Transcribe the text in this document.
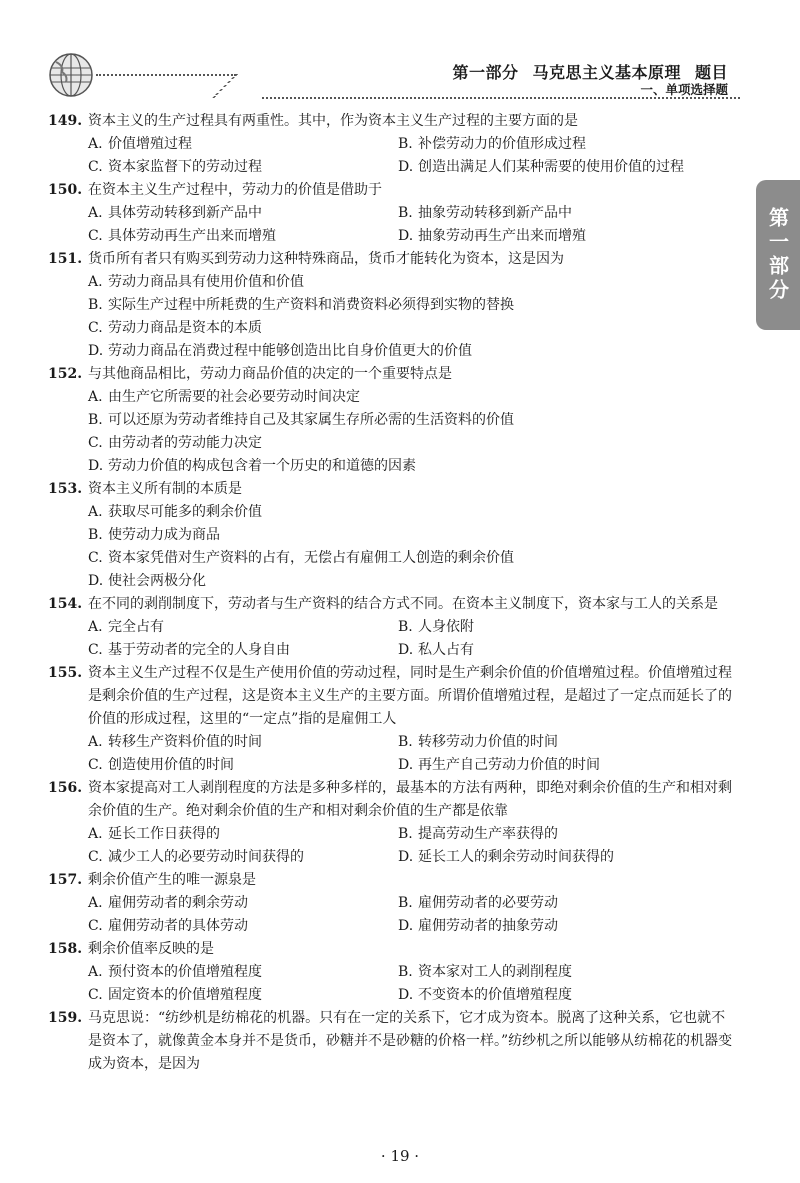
第一部分 马克思主义基本原理 题目
一、单项选择题
第一部分
149. 资本主义的生产过程具有两重性。其中，作为资本主义生产过程的主要方面的是
A. 价值增殖过程	B. 补偿劳动力的价值形成过程
C. 资本家监督下的劳动过程	D. 创造出满足人们某种需要的使用价值的过程
150. 在资本主义生产过程中，劳动力的价值是借助于
A. 具体劳动转移到新产品中	B. 抽象劳动转移到新产品中
C. 具体劳动再生产出来而增殖	D. 抽象劳动再生产出来而增殖
151. 货币所有者只有购买到劳动力这种特殊商品，货币才能转化为资本，这是因为
A. 劳动力商品具有使用价值和价值
B. 实际生产过程中所耗费的生产资料和消费资料必须得到实物的替换
C. 劳动力商品是资本的本质
D. 劳动力商品在消费过程中能够创造出比自身价值更大的价值
152. 与其他商品相比，劳动力商品价值的决定的一个重要特点是
A. 由生产它所需要的社会必要劳动时间决定
B. 可以还原为劳动者维持自己及其家属生存所必需的生活资料的价值
C. 由劳动者的劳动能力决定
D. 劳动力价值的构成包含着一个历史的和道德的因素
153. 资本主义所有制的本质是
A. 获取尽可能多的剩余价值
B. 使劳动力成为商品
C. 资本家凭借对生产资料的占有，无偿占有雇佣工人创造的剩余价值
D. 使社会两极分化
154. 在不同的剥削制度下，劳动者与生产资料的结合方式不同。在资本主义制度下，资本家与工人的关系是
A. 完全占有	B. 人身依附
C. 基于劳动者的完全的人身自由	D. 私人占有
155. 资本主义生产过程不仅是生产使用价值的劳动过程，同时是生产剩余价值的价值增殖过程。价值增殖过程是剩余价值的生产过程，这是资本主义生产的主要方面。所谓价值增殖过程，是超过了一定点而延长了的价值的形成过程，这里的“一定点”指的是雇佣工人
A. 转移生产资料价值的时间	B. 转移劳动力价值的时间
C. 创造使用价值的时间	D. 再生产自己劳动力价值的时间
156. 资本家提高对工人剥削程度的方法是多种多样的，最基本的方法有两种，即绝对剩余价值的生产和相对剩余价值的生产。绝对剩余价值的生产和相对剩余价值的生产都是依靠
A. 延长工作日获得的	B. 提高劳动生产率获得的
C. 减少工人的必要劳动时间获得的	D. 延长工人的剩余劳动时间获得的
157. 剩余价值产生的唯一源泉是
A. 雇佣劳动者的剩余劳动	B. 雇佣劳动者的必要劳动
C. 雇佣劳动者的具体劳动	D. 雇佣劳动者的抽象劳动
158. 剩余价值率反映的是
A. 预付资本的价值增殖程度	B. 资本家对工人的剥削程度
C. 固定资本的价值增殖程度	D. 不变资本的价值增殖程度
159. 马克思说：“纺纱机是纺棉花的机器。只有在一定的关系下，它才成为资本。脱离了这种关系，它也就不是资本了，就像黄金本身并不是货币，砂糖并不是砂糖的价格一样。”纺纱机之所以能够从纺棉花的机器变成为资本，是因为
· 19 ·
